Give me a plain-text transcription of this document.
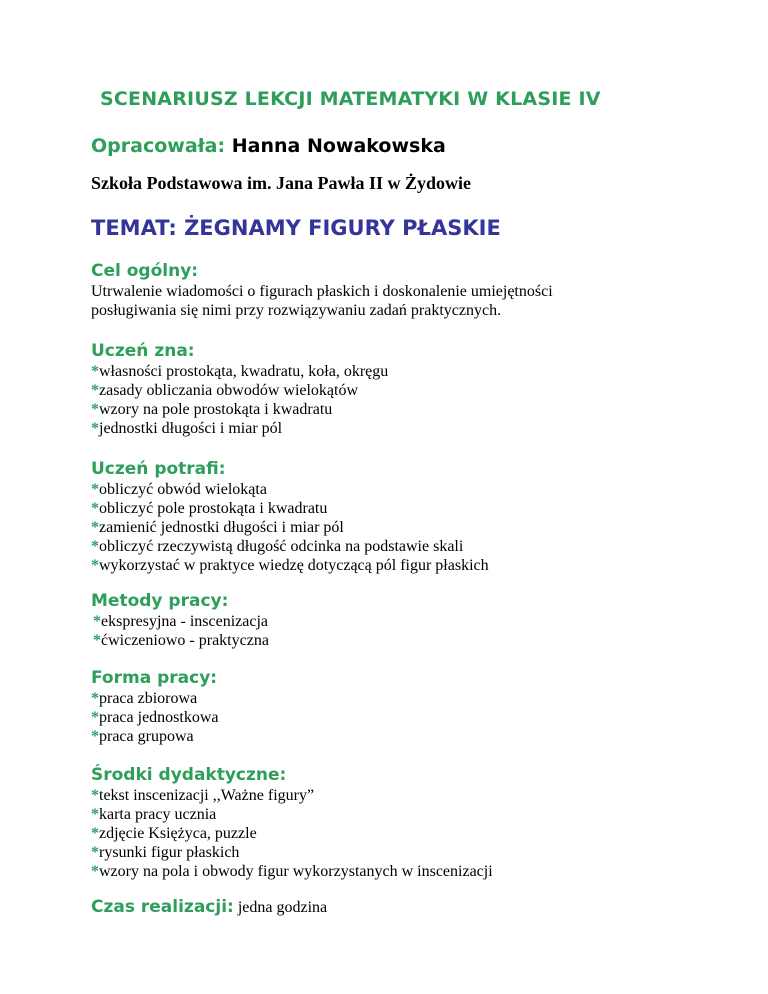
SCENARIUSZ LEKCJI MATEMATYKI W KLASIE IV
Opracowała: Hanna Nowakowska
Szkoła Podstawowa im. Jana Pawła II w Żydowie
TEMAT: ŻEGNAMY FIGURY PŁASKIE
Cel ogólny:
Utrwalenie wiadomości o figurach płaskich i doskonalenie umiejętności
posługiwania się nimi przy rozwiązywaniu zadań praktycznych.
Uczeń zna:
*własności prostokąta, kwadratu, koła, okręgu
*zasady obliczania obwodów wielokątów
*wzory na pole prostokąta i kwadratu
*jednostki długości i miar pól
Uczeń potrafi:
*obliczyć obwód wielokąta
*obliczyć pole prostokąta i kwadratu
*zamienić jednostki długości i miar pól
*obliczyć rzeczywistą długość odcinka na podstawie skali
*wykorzystać w praktyce wiedzę dotyczącą pól figur płaskich
Metody pracy:
*ekspresyjna - inscenizacja
*ćwiczeniowo - praktyczna
Forma pracy:
*praca zbiorowa
*praca jednostkowa
*praca grupowa
Środki dydaktyczne:
*tekst inscenizacji ,,Ważne figury”
*karta pracy ucznia
*zdjęcie Księżyca, puzzle
*rysunki figur płaskich
*wzory na pola i obwody figur wykorzystanych w inscenizacji
Czas realizacji: jedna godzina
